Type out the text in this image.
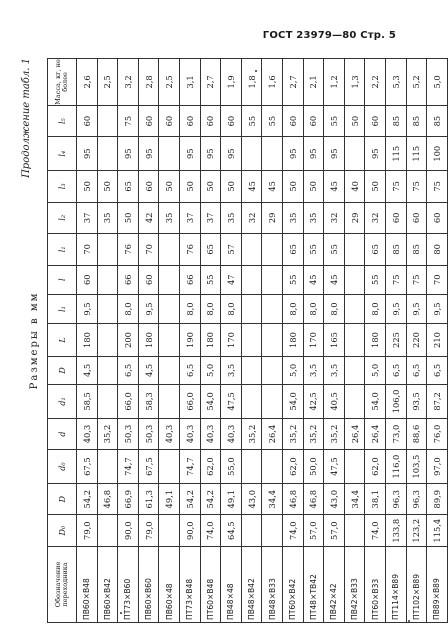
ГОСТ 23979—80 Стр. 5
Продолжение табл. 1
Размеры в мм
Обозначение переходника	D₀	D	d₀	d	d₁	D	L	l₁	l	l₁	l₂	l₃	l₄	l₅	Масса, кг, не более
ПВ60×В48	79,0	54,2	67,5	40,3	58,5	4,5	180	9,5	60	70	37	50	95	60	2,6
ПВ60×В42		46,8		35,2							35	50			2,5
ПТ73×В60	90,0	66,9	74,7	50,3	66,0	6,5	200	8,0	66	76	50	65	95	75	3,2
ПВ60×В60	79,0	61,3	67,5	50,3	58,3	4,5	180	9,5	60	70	42	60	95	60	2,8
ПВ60×48		49,1		40,3							35	50		60	2,5
ПТ73×В48	90,0	54,2	74,7	40,3	66,0	6,5	190	8,0	66	76	37	50	95	60	3,1
ПТ60×В48	74,0	54,2	62,0	40,3	54,0	5,0	180	8,0	55	65	37	50	95	60	2,7
ПВ48×48	64,5	49,1	55,0	40,3	47,5	3,5	170	8,0	47	57	35	50	95	60	1,9
ПВ48×В42		43,0		35,2							32	45		55	1,8
ПВ48×В33		34,4		26,4							29	45		55	1,6
ПТ60×В42	74,0	46,8	62,0	35,2	54,0	5,0	180	8,0	55	65	35	50	95	60	2,7
ПТ48×ТВ42	57,0	46,8	50,0	35,2	42,5	3,5	170	8,0	45	55	35	50	95	60	2,1
ПВ42×42	57,0	43,0	47,5	35,2	40,5	3,5	165	8,0	45	55	32	45	95	55	1,2
ПВ42×В33		34,4		26,4							29	40		50	1,3
ПТ60×В33	74,0	38,1	62,0	26,4	54,0	5,0	180	8,0	55	65	32	50	95	60	2,2
ПТ114×В89	133,8	96,3	116,0	73,0	106,0	6,5	225	9,5	75	85	60	75	115	85	5,3
ПТ102×В89	123,2	96,3	103,5	88,6	93,5	6,5	220	9,5	75	85	60	75	115	85	5,2
ПВ89×В89	115,4	89,9	97,0	76,0	87,2	6,5	210	9,5	70	80	60	75	100	85	5,0
